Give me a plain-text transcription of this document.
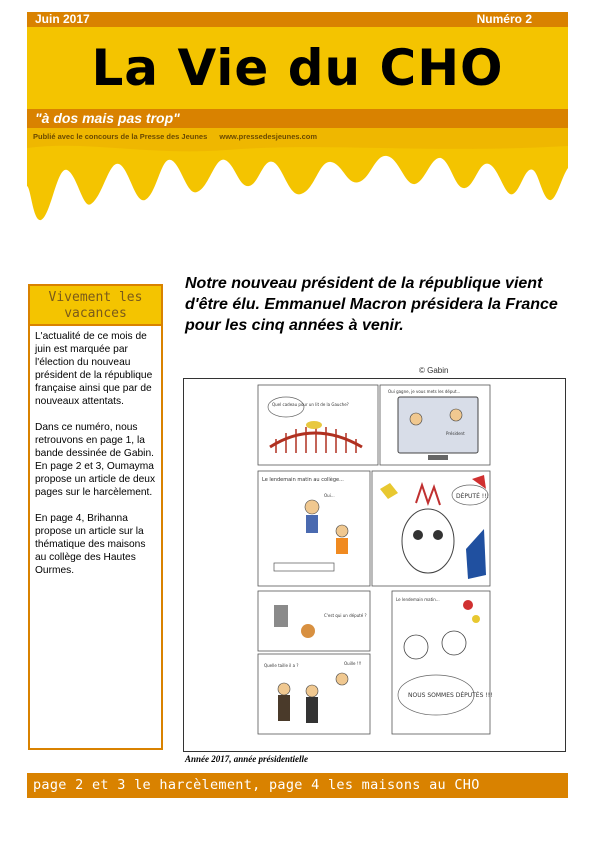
Juin 2017	Numéro 2
La Vie du CHO
"à dos mais pas trop"
Publié avec le concours de la Presse des Jeunes www.pressedesjeunes.com
Vivement les
vacances

L'actualité de ce mois de juin est marquée par l'élection du nouveau président de la république française ainsi que par de nouveaux attentats.

Dans ce numéro, nous retrouvons en page 1, la bande dessinée de Gabin. En page 2 et 3, Oumayma propose un article de deux pages sur le harcèlement.

En page 4, Brihanna propose un article sur la thématique des maisons au collège des Hautes Ourmes.

Notre nouveau président de la république vient d'être élu. Emmanuel Macron présidera la France pour les cinq années à venir.
© Gabin
Quel cadeau pour un lit de la Gauche?
Oui gagne, je vous mets les déput...
Président
Le lendemain matin au collège...
Oui...	DÉPUTÉ !!!
C'est qui un député ?
Quelle taille il a ?	Ouille !!!
Le lendemain matin...
NOUS SOMMES DÉPUTÉS !!!
Année 2017, année présidentielle
page 2 et 3 le harcèlement, page 4 les maisons au CHO
